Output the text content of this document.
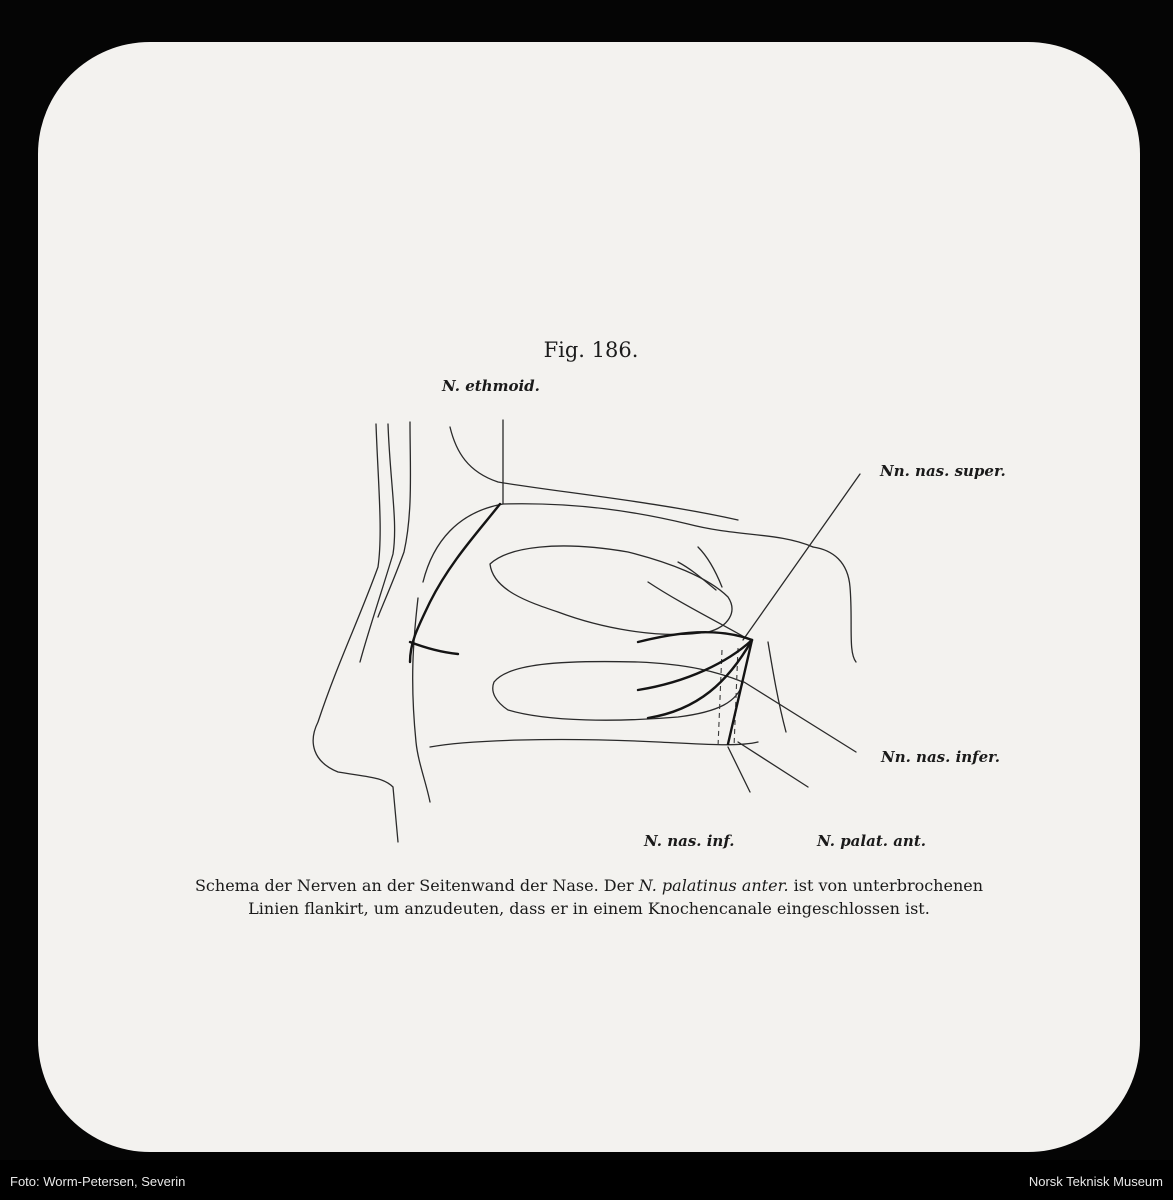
Fig. 186.
N. ethmoid.
Nn. nas. super.
Nn. nas. infer.
N. nas. inf.	N. palat. ant.

Schema der Nerven an der Seitenwand der Nase. Der N. palatinus anter. ist von unterbrochenen

Linien flankirt, um anzudeuten, dass er in einem Knochencanale eingeschlossen ist.

Foto: Worm-Petersen, Severin	Norsk Teknisk Museum
